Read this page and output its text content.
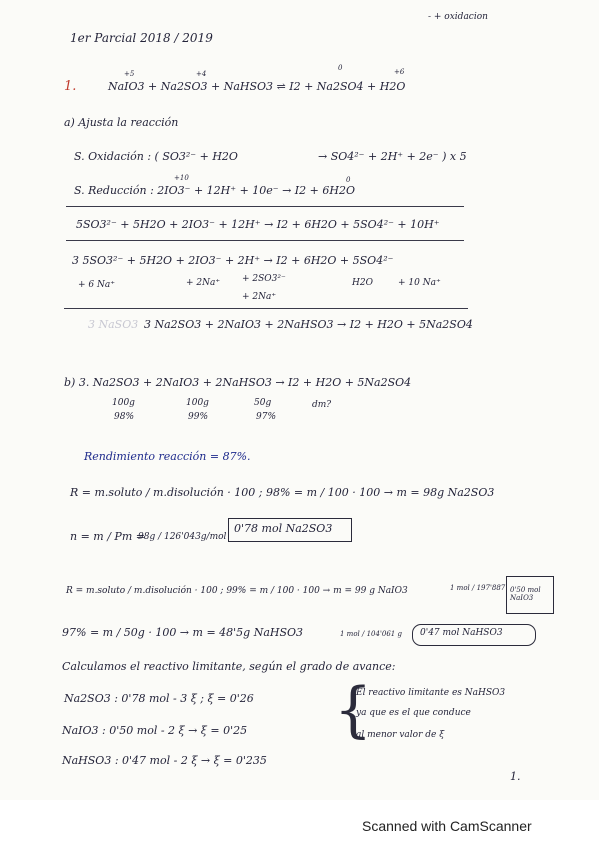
- + oxidacion
1er Parcial 2018 / 2019
+5	+4
0	+6
1.	NaIO3 + Na2SO3 + NaHSO3 ⇌ I2 + Na2SO4 + H2O
a) Ajusta la reacción
S. Oxidación : ( SO3²⁻ + H2O	→ SO4²⁻ + 2H⁺ + 2e⁻ ) x 5
+10	0
S. Reducción : 2IO3⁻ + 12H⁺ + 10e⁻ → I2 + 6H2O
5SO3²⁻ + 5H2O + 2IO3⁻ + 12H⁺ → I2 + 6H2O + 5SO4²⁻ + 10H⁺
3 5SO3²⁻ + 5H2O + 2IO3⁻ + 2H⁺ → I2 + 6H2O + 5SO4²⁻
+ 6 Na⁺	+ 2Na⁺ + 2SO3²⁻
+ 2Na⁺
H2O	+ 10 Na⁺
3 NaSO3 3 Na2SO3 + 2NaIO3 + 2NaHSO3 → I2 + H2O + 5Na2SO4
b) 3. Na2SO3 + 2NaIO3 + 2NaHSO3 → I2 + H2O + 5Na2SO4
100g
98%
100g
99%
50g
97%
dm?
Rendimiento reacción = 87%.
R = m.soluto / m.disolución · 100 ; 98% = m / 100 · 100 → m = 98g Na2SO3
n = m / Pm =
98g / 126'043g/mol
0'78 mol Na2SO3
R = m.soluto / m.disolución · 100 ; 99% = m / 100 · 100 → m = 99 g NaIO3	1 mol / 197'887 0'50 mol NaIO3
97% = m / 50g · 100 → m = 48'5g NaHSO3	1 mol / 104'061 g 0'47 mol NaHSO3
Calculamos el reactivo limitante, según el grado de avance:
Na2SO3 : 0'78 mol - 3 ξ ; ξ = 0'26
NaIO3 : 0'50 mol - 2 ξ → ξ = 0'25
NaHSO3 : 0'47 mol - 2 ξ → ξ = 0'235
{
El reactivo limitante es NaHSO3
ya que es el que conduce
al menor valor de ξ
1.
Scanned with CamScanner
